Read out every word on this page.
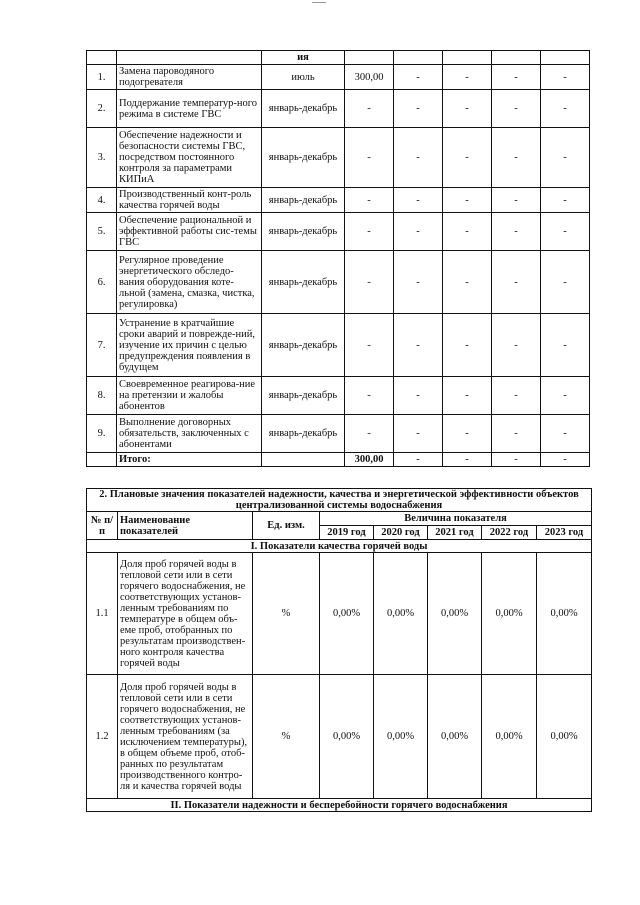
		ия					
1.	Замена пароводяного подогревателя	июль	300,00	-	-	-	-
2.	Поддержание температур-ного режима в системе ГВС	январь-декабрь	-	-	-	-	-
3.	Обеспечение надежности и безопасности системы ГВС, посредством постоянного контроля за параметрами КИПиА	январь-декабрь	-	-	-	-	-
4.	Производственный конт-роль качества горячей воды	январь-декабрь	-	-	-	-	-
5.	Обеспечение рациональной и эффективной работы сис-темы ГВС	январь-декабрь	-	-	-	-	-
6.	Регулярное проведение энергетического обследо-вания оборудования коте-льной (замена, смазка, чистка, регулировка)	январь-декабрь	-	-	-	-	-
7.	Устранение в кратчайшие сроки аварий и поврежде-ний, изучение их причин с целью предупреждения появления в будущем	январь-декабрь	-	-	-	-	-
8.	Своевременное реагирова-ние на претензии и жалобы абонентов	январь-декабрь	-	-	-	-	-
9.	Выполнение договорных обязательств, заключенных с абонентами	январь-декабрь	-	-	-	-	-
	Итого:		300,00	-	-	-	-
2. Плановые значения показателей надежности, качества и энергетической эффективности объектов централизованной системы водоснабжения							
№ п/п	Наименование показателей	Ед. изм.	Величина показателя				
			2019 год	2020 год	2021 год	2022 год	2023 год
I. Показатели качества горячей воды							
1.1	Доля проб горячей воды в тепловой сети или в сети горячего водоснабжения, не соответствующих установ-ленным требованиям по температуре в общем объ-еме проб, отобранных по результатам производствен-ного контроля качества горячей воды	%	0,00%	0,00%	0,00%	0,00%	0,00%
1.2	Доля проб горячей воды в тепловой сети или в сети горячего водоснабжения, не соответствующих установ-ленным требованиям (за исключением температуры), в общем объеме проб, отоб-ранных по результатам производственного контро-ля и качества горячей воды	%	0,00%	0,00%	0,00%	0,00%	0,00%
II. Показатели надежности и бесперебойности горячего водоснабжения							
